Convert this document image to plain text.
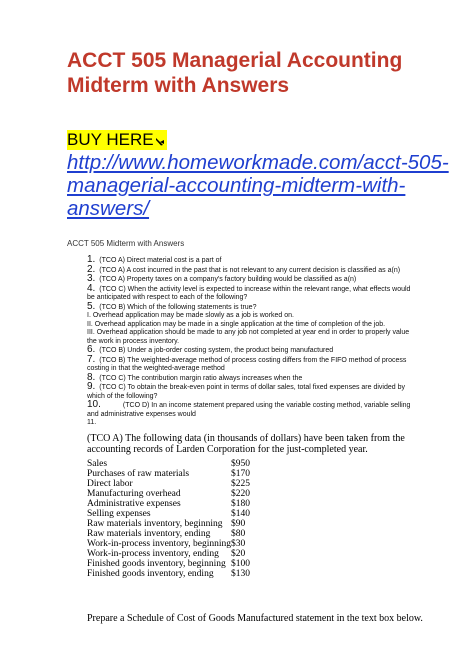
ACCT 505 Managerial Accounting Midterm with Answers
BUY HERE
http://www.homeworkmade.com/acct-505-managerial-accounting-midterm-with-answers/
ACCT 505 Midterm with Answers

1. (TCO A) Direct material cost is a part of

2. (TCO A) A cost incurred in the past that is not relevant to any current decision is classified as a(n)

3. (TCO A) Property taxes on a company's factory building would be classified as a(n)

4. (TCO C) When the activity level is expected to increase within the relevant range, what effects would be anticipated with respect to each of the following?

5. (TCO B) Which of the following statements is true?

I. Overhead application may be made slowly as a job is worked on.

II. Overhead application may be made in a single application at the time of completion of the job.

III. Overhead application should be made to any job not completed at year end in order to properly value the work in process inventory.

6. (TCO B) Under a job-order costing system, the product being manufactured

7. (TCO B) The weighted-average method of process costing differs from the FIFO method of process costing in that the weighted-average method

8. (TCO C) The contribution margin ratio always increases when the

9. (TCO C) To obtain the break-even point in terms of dollar sales, total fixed expenses are divided by which of the following?

10.	(TCO D) In an income statement prepared using the variable costing method, variable selling and administrative expenses would

11.

(TCO A) The following data (in thousands of dollars) have been taken from the accounting records of Larden Corporation for the just-completed year.

Sales	$950
Purchases of raw materials	$170
Direct labor	$225
Manufacturing overhead	$220
Administrative expenses	$180
Selling expenses	$140
Raw materials inventory, beginning	$90
Raw materials inventory, ending	$80
Work-in-process inventory, beginning	$30
Work-in-process inventory, ending	$20
Finished goods inventory, beginning	$100
Finished goods inventory, ending	$130

Prepare a Schedule of Cost of Goods Manufactured statement in the text box below.
